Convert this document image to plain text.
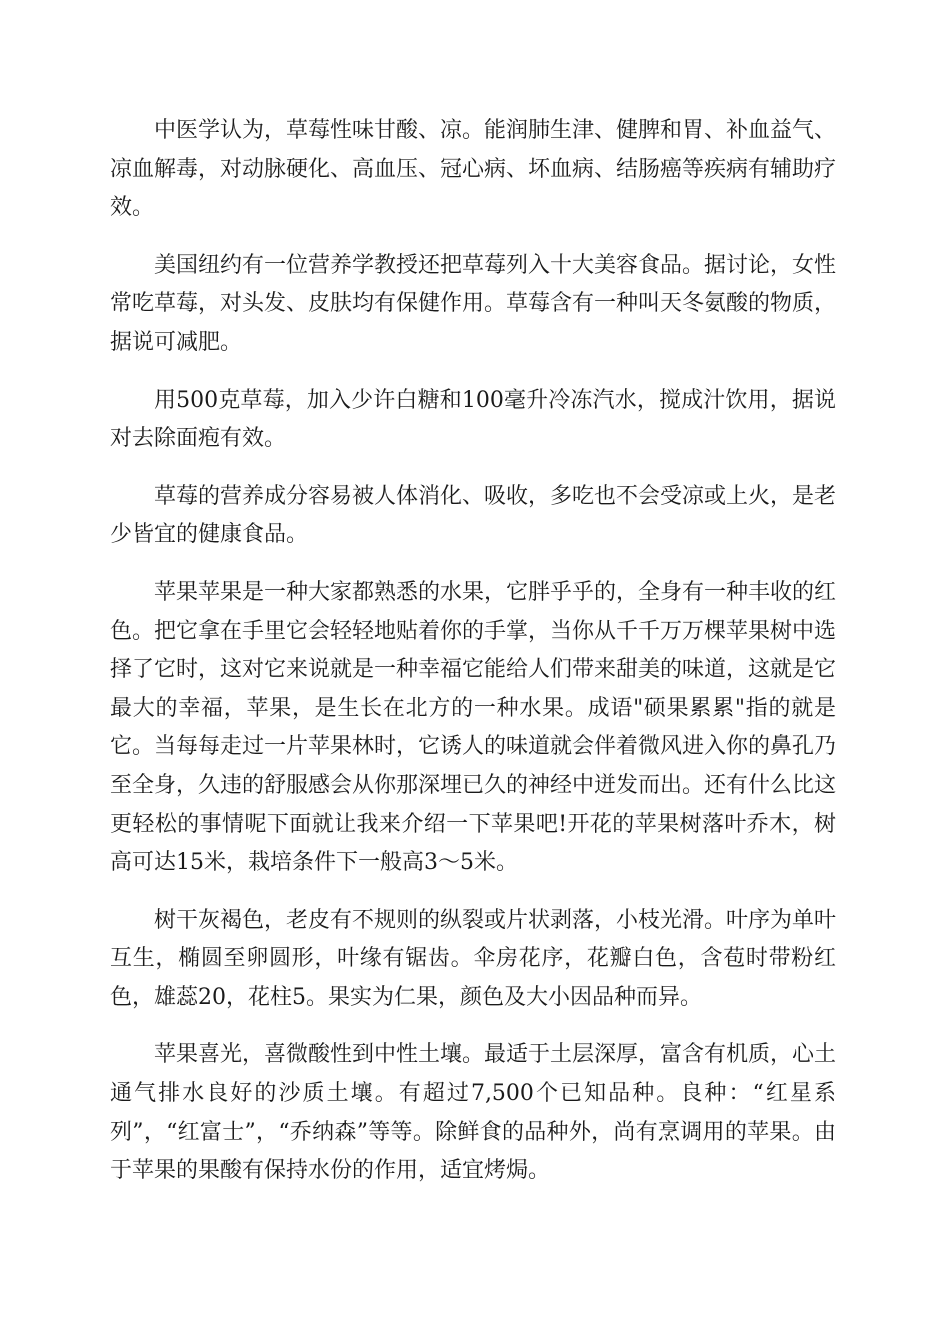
中医学认为，草莓性味甘酸、凉。能润肺生津、健脾和胃、补血益气、凉血解毒，对动脉硬化、高血压、冠心病、坏血病、结肠癌等疾病有辅助疗效。

美国纽约有一位营养学教授还把草莓列入十大美容食品。据讨论，女性常吃草莓，对头发、皮肤均有保健作用。草莓含有一种叫天冬氨酸的物质，据说可减肥。

用500克草莓，加入少许白糖和100毫升冷冻汽水，搅成汁饮用，据说对去除面疱有效。

草莓的营养成分容易被人体消化、吸收，多吃也不会受凉或上火，是老少皆宜的健康食品。

苹果苹果是一种大家都熟悉的水果，它胖乎乎的，全身有一种丰收的红色。把它拿在手里它会轻轻地贴着你的手掌，当你从千千万万棵苹果树中选择了它时，这对它来说就是一种幸福它能给人们带来甜美的味道，这就是它最大的幸福，苹果，是生长在北方的一种水果。成语"硕果累累"指的就是它。当每每走过一片苹果林时，它诱人的味道就会伴着微风进入你的鼻孔乃至全身，久违的舒服感会从你那深埋已久的神经中迸发而出。还有什么比这更轻松的事情呢下面就让我来介绍一下苹果吧!开花的苹果树落叶乔木，树高可达15米，栽培条件下一般高3～5米。

树干灰褐色，老皮有不规则的纵裂或片状剥落，小枝光滑。叶序为单叶互生，椭圆至卵圆形，叶缘有锯齿。伞房花序，花瓣白色，含苞时带粉红色，雄蕊20，花柱5。果实为仁果，颜色及大小因品种而异。

苹果喜光，喜微酸性到中性土壤。最适于土层深厚，富含有机质，心土通气排水良好的沙质土壤。有超过7,500个已知品种。良种：“红星系列”，“红富士”，“乔纳森”等等。除鲜食的品种外，尚有烹调用的苹果。由于苹果的果酸有保持水份的作用，适宜烤焗。
